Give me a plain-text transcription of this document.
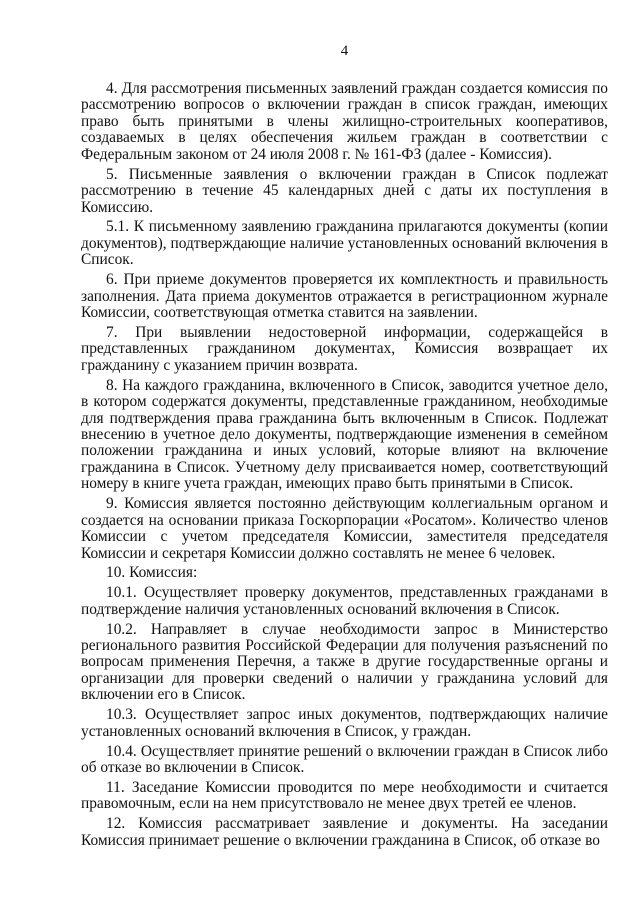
4

4. Для рассмотрения письменных заявлений граждан создается комиссия по рассмотрению вопросов о включении граждан в список граждан, имеющих право быть принятыми в члены жилищно-строительных кооперативов, создаваемых в целях обеспечения жильем граждан в соответствии с Федеральным законом от 24 июля 2008 г. № 161-ФЗ (далее - Комиссия).

5. Письменные заявления о включении граждан в Список подлежат рассмотрению в течение 45 календарных дней с даты их поступления в Комиссию.

5.1. К письменному заявлению гражданина прилагаются документы (копии документов), подтверждающие наличие установленных оснований включения в Список.

6. При приеме документов проверяется их комплектность и правильность заполнения. Дата приема документов отражается в регистрационном журнале Комиссии, соответствующая отметка ставится на заявлении.

7. При выявлении недостоверной информации, содержащейся в представленных гражданином документах, Комиссия возвращает их гражданину с указанием причин возврата.

8. На каждого гражданина, включенного в Список, заводится учетное дело, в котором содержатся документы, представленные гражданином, необходимые для подтверждения права гражданина быть включенным в Список. Подлежат внесению в учетное дело документы, подтверждающие изменения в семейном положении гражданина и иных условий, которые влияют на включение гражданина в Список. Учетному делу присваивается номер, соответствующий номеру в книге учета граждан, имеющих право быть принятыми в Список.

9. Комиссия является постоянно действующим коллегиальным органом и создается на основании приказа Госкорпорации «Росатом». Количество членов Комиссии с учетом председателя Комиссии, заместителя председателя Комиссии и секретаря Комиссии должно составлять не менее 6 человек.

10. Комиссия:

10.1. Осуществляет проверку документов, представленных гражданами в подтверждение наличия установленных оснований включения в Список.

10.2. Направляет в случае необходимости запрос в Министерство регионального развития Российской Федерации для получения разъяснений по вопросам применения Перечня, а также в другие государственные органы и организации для проверки сведений о наличии у гражданина условий для включении его в Список.

10.3. Осуществляет запрос иных документов, подтверждающих наличие установленных оснований включения в Список, у граждан.

10.4. Осуществляет принятие решений о включении граждан в Список либо об отказе во включении в Список.

11. Заседание Комиссии проводится по мере необходимости и считается правомочным, если на нем присутствовало не менее двух третей ее членов.

12. Комиссия рассматривает заявление и документы. На заседании Комиссия принимает решение о включении гражданина в Список, об отказе во
